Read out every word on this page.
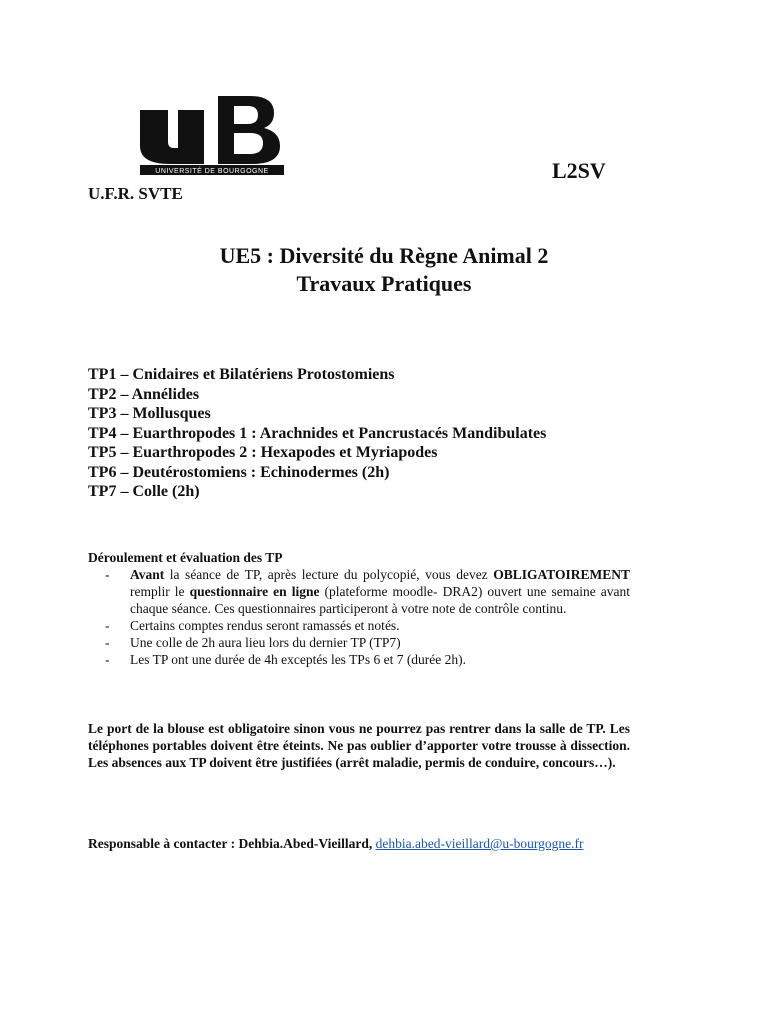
UNIVERSITÉ DE BOURGOGNE	L2SV
U.F.R. SVTE
UE5 : Diversité du Règne Animal 2
Travaux Pratiques
TP1 – Cnidaires et Bilatériens Protostomiens
TP2 – Annélides
TP3 – Mollusques
TP4 – Euarthropodes 1 : Arachnides et Pancrustacés Mandibulates
TP5 – Euarthropodes 2 : Hexapodes et Myriapodes
TP6 – Deutérostomiens : Echinodermes (2h)
TP7 – Colle (2h)
Déroulement et évaluation des TP
- Avant la séance de TP, après lecture du polycopié, vous devez OBLIGATOIREMENT remplir le questionnaire en ligne (plateforme moodle- DRA2) ouvert une semaine avant chaque séance. Ces questionnaires participeront à votre note de contrôle continu.
- Certains comptes rendus seront ramassés et notés.
- Une colle de 2h aura lieu lors du dernier TP (TP7)
- Les TP ont une durée de 4h exceptés les TPs 6 et 7 (durée 2h).
Le port de la blouse est obligatoire sinon vous ne pourrez pas rentrer dans la salle de TP. Les téléphones portables doivent être éteints. Ne pas oublier d’apporter votre trousse à dissection. Les absences aux TP doivent être justifiées (arrêt maladie, permis de conduire, concours…).
Responsable à contacter : Dehbia.Abed-Vieillard, dehbia.abed-vieillard@u-bourgogne.fr
